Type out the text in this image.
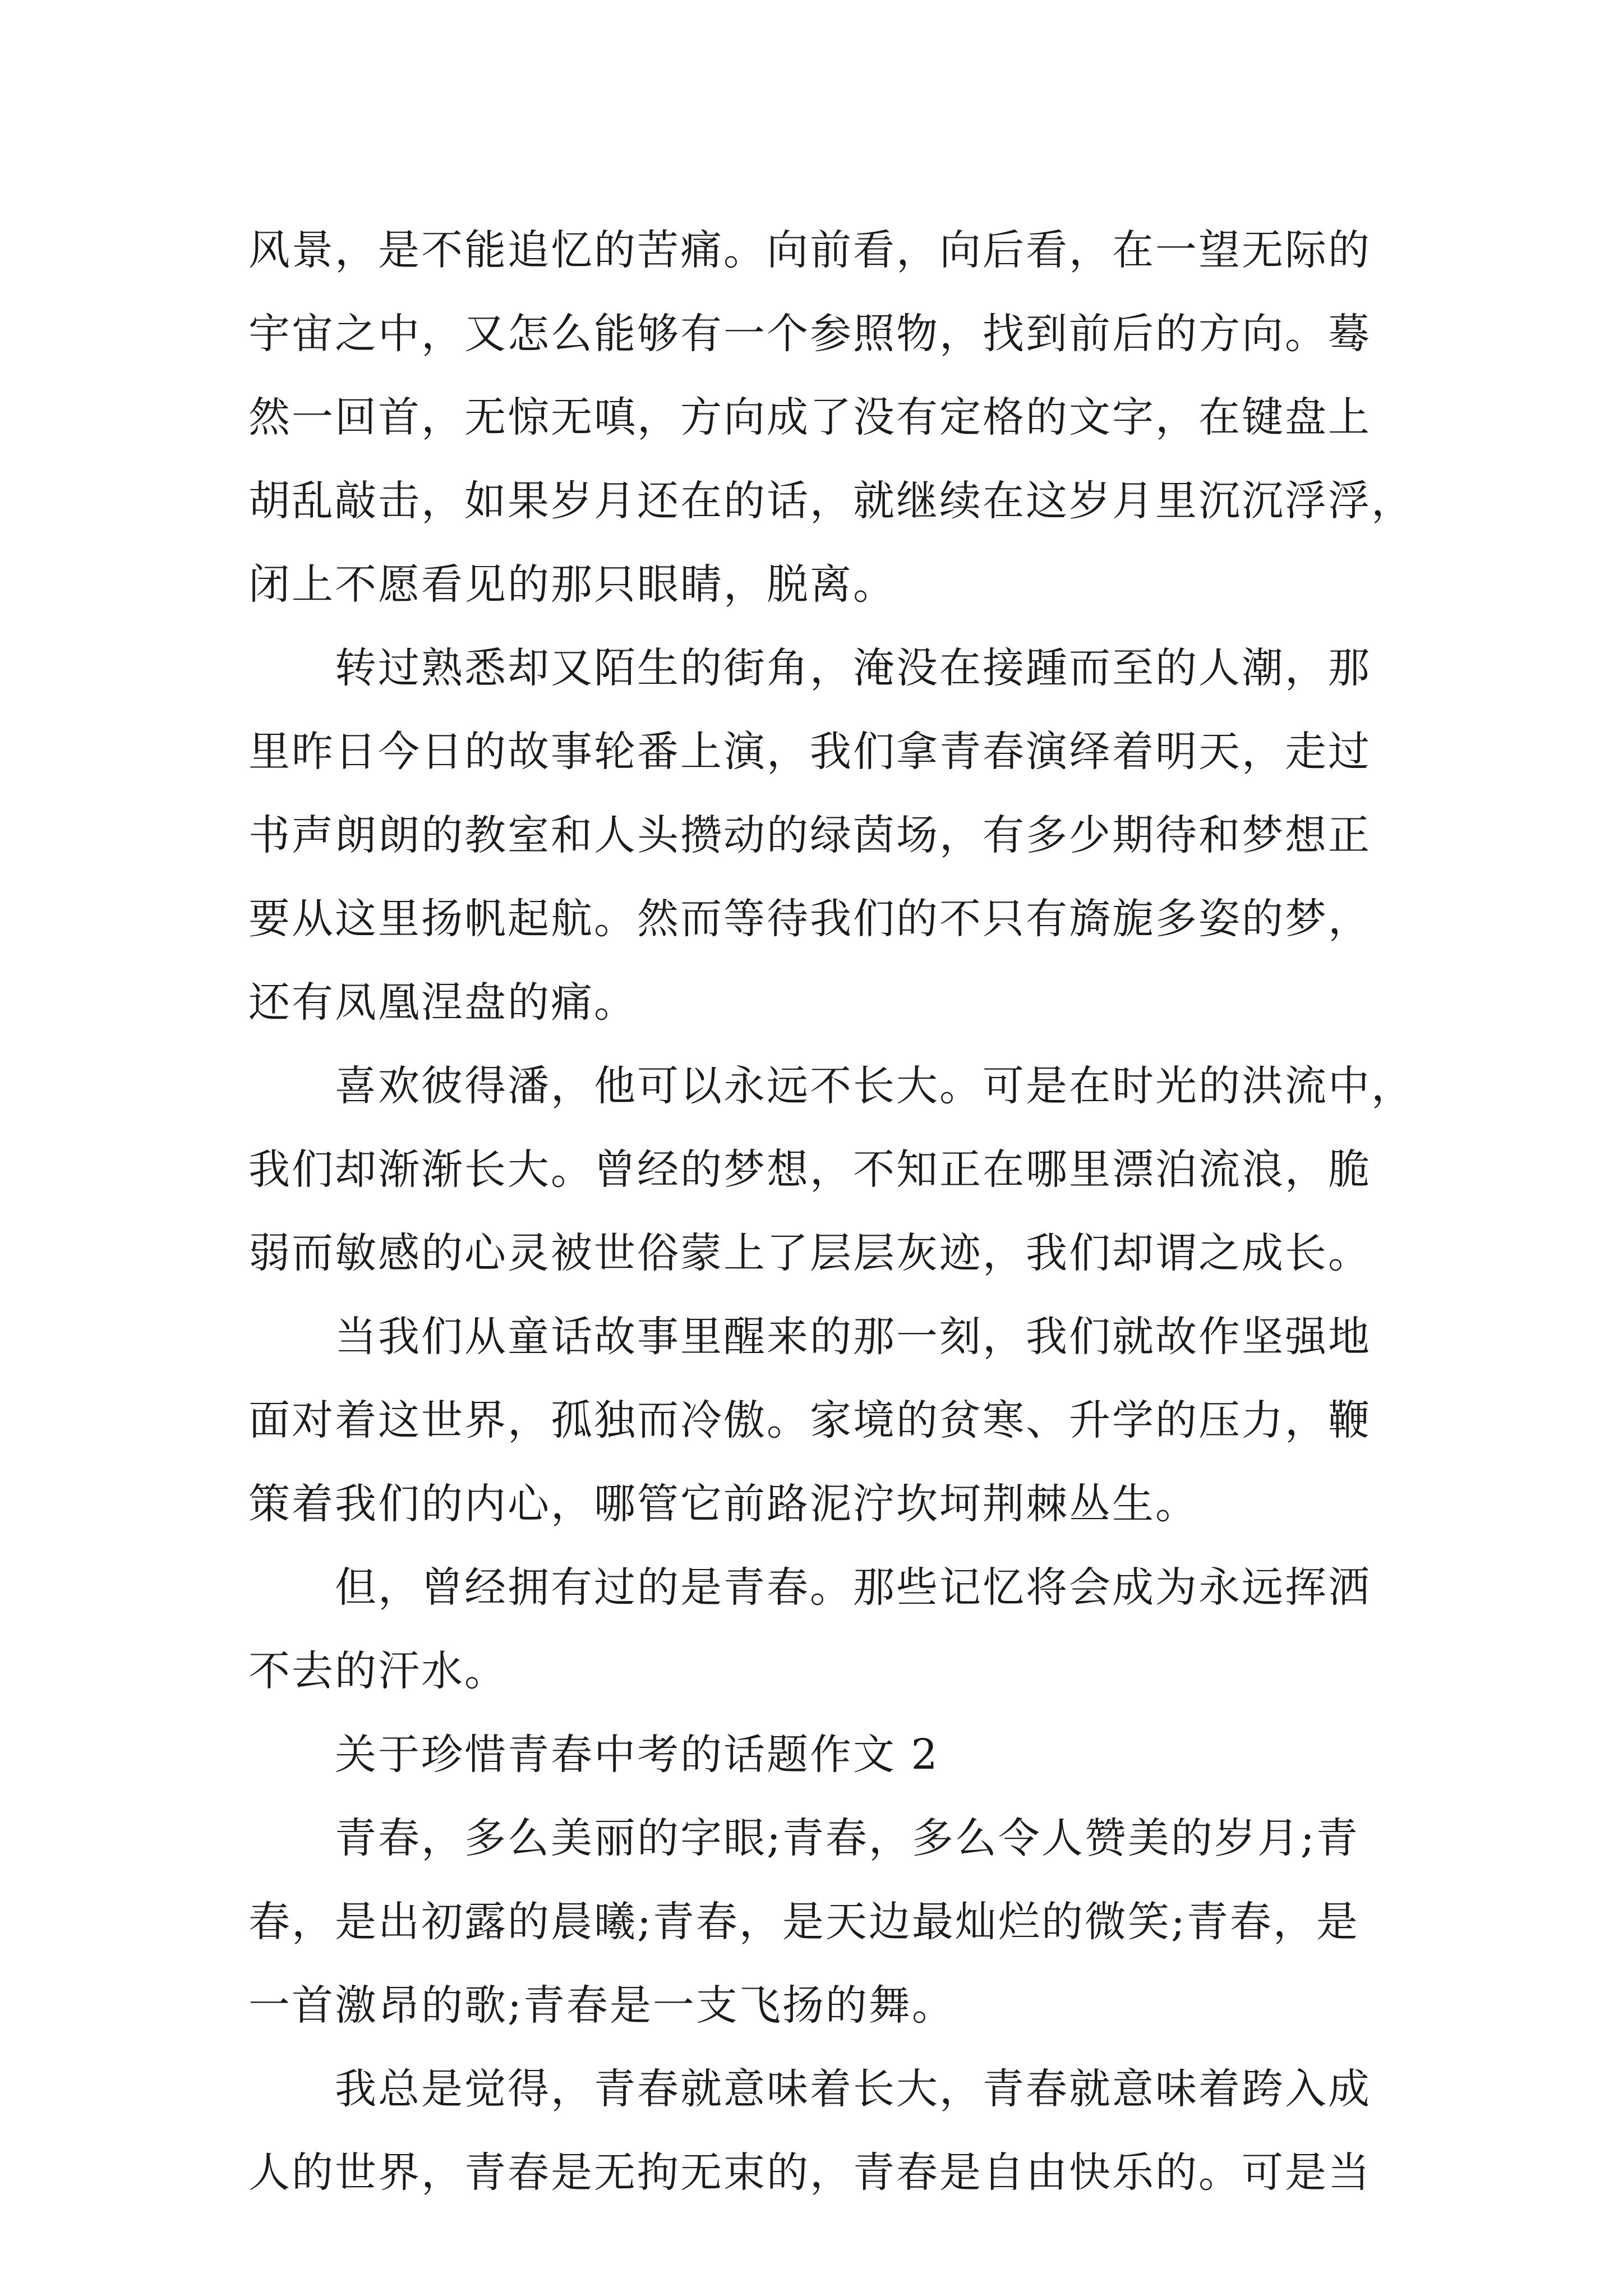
风景，是不能追忆的苦痛。向前看，向后看，在一望无际的
宇宙之中，又怎么能够有一个参照物，找到前后的方向。蓦
然一回首，无惊无嗔，方向成了没有定格的文字，在键盘上
胡乱敲击，如果岁月还在的话，就继续在这岁月里沉沉浮浮，
闭上不愿看见的那只眼睛，脱离。
　　转过熟悉却又陌生的街角，淹没在接踵而至的人潮，那
里昨日今日的故事轮番上演，我们拿青春演绎着明天，走过
书声朗朗的教室和人头攒动的绿茵场，有多少期待和梦想正
要从这里扬帆起航。然而等待我们的不只有旖旎多姿的梦，
还有凤凰涅盘的痛。
　　喜欢彼得潘，他可以永远不长大。可是在时光的洪流中，
我们却渐渐长大。曾经的梦想，不知正在哪里漂泊流浪，脆
弱而敏感的心灵被世俗蒙上了层层灰迹，我们却谓之成长。
　　当我们从童话故事里醒来的那一刻，我们就故作坚强地
面对着这世界，孤独而冷傲。家境的贫寒、升学的压力，鞭
策着我们的内心，哪管它前路泥泞坎坷荆棘丛生。
　　但，曾经拥有过的是青春。那些记忆将会成为永远挥洒
不去的汗水。
　　关于珍惜青春中考的话题作文 2
　　青春，多么美丽的字眼;青春，多么令人赞美的岁月;青
春，是出初露的晨曦;青春，是天边最灿烂的微笑;青春，是
一首激昂的歌;青春是一支飞扬的舞。
　　我总是觉得，青春就意味着长大，青春就意味着跨入成
人的世界，青春是无拘无束的，青春是自由快乐的。可是当
